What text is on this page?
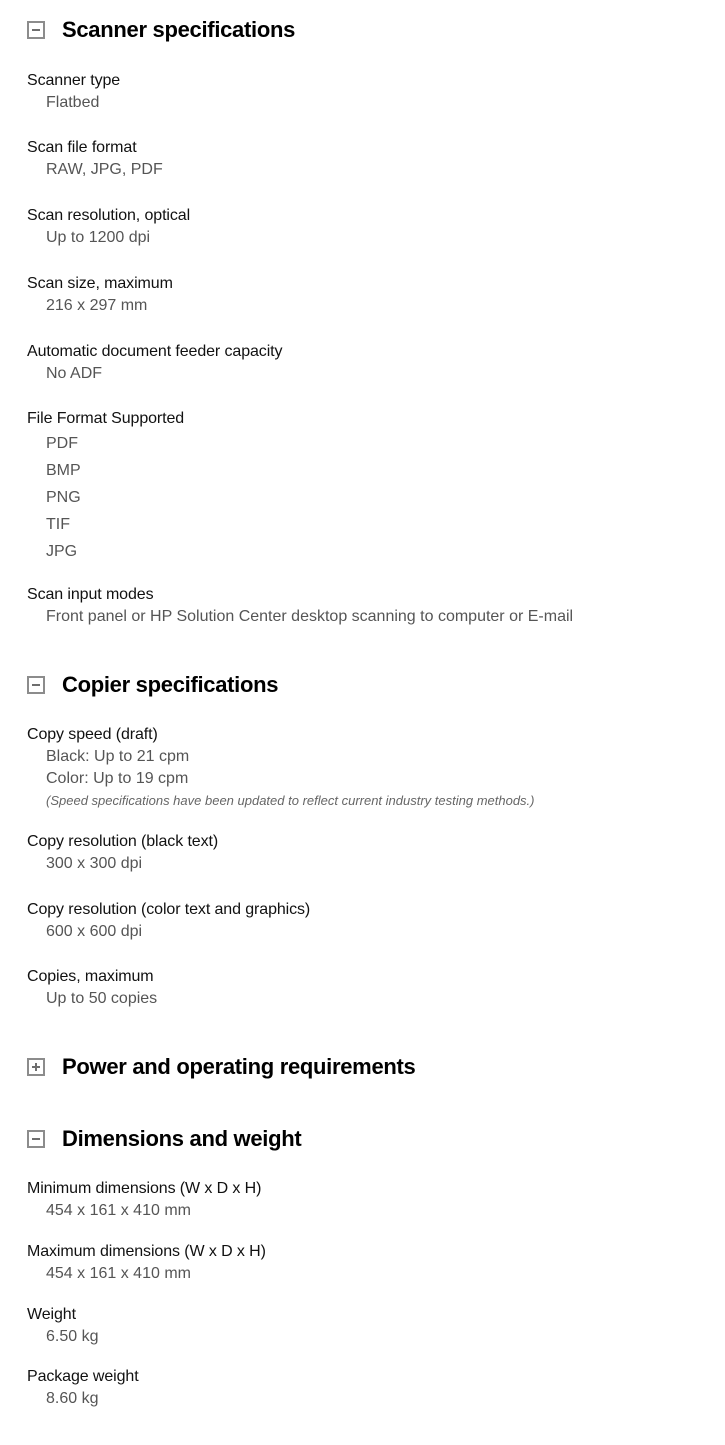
Scanner specifications
Scanner type
Flatbed
Scan file format
RAW, JPG, PDF
Scan resolution, optical
Up to 1200 dpi
Scan size, maximum
216 x 297 mm
Automatic document feeder capacity
No ADF
File Format Supported
PDF
BMP
PNG
TIF
JPG
Scan input modes
Front panel or HP Solution Center desktop scanning to computer or E-mail
Copier specifications
Copy speed (draft)
Black: Up to 21 cpm
Color: Up to 19 cpm
(Speed specifications have been updated to reflect current industry testing methods.)
Copy resolution (black text)
300 x 300 dpi
Copy resolution (color text and graphics)
600 x 600 dpi
Copies, maximum
Up to 50 copies
Power and operating requirements
Dimensions and weight
Minimum dimensions (W x D x H)
454 x 161 x 410 mm
Maximum dimensions (W x D x H)
454 x 161 x 410 mm
Weight
6.50 kg
Package weight
8.60 kg
